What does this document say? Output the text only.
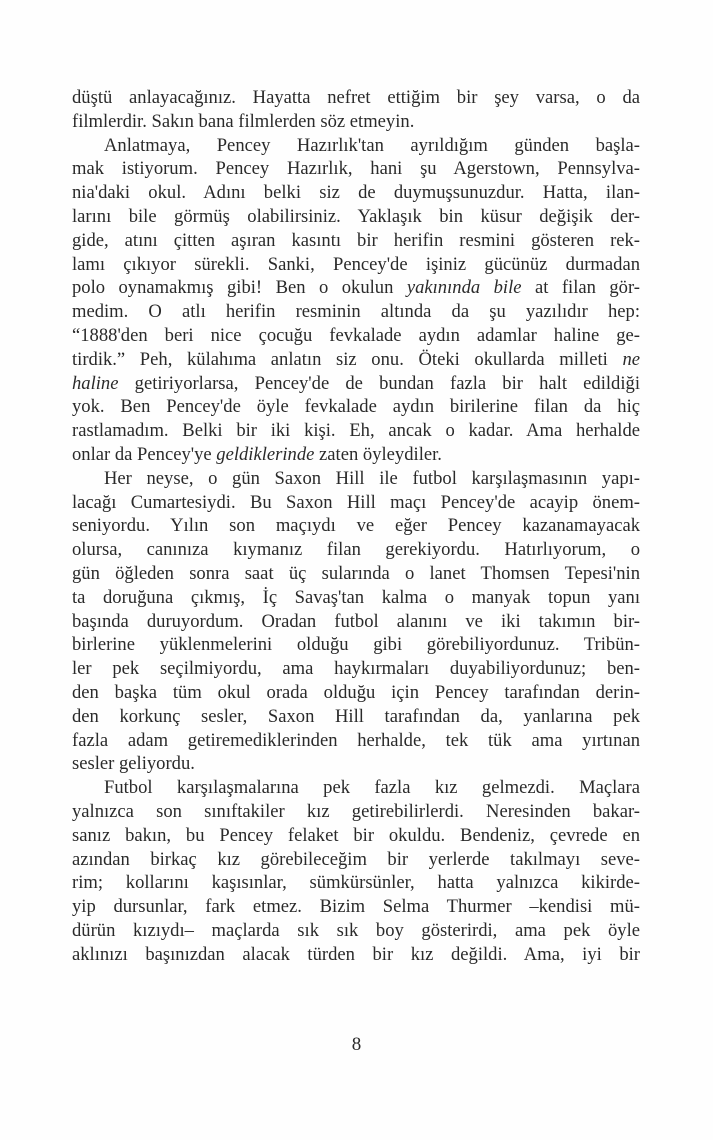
düştü anlayacağınız. Hayatta nefret ettiğim bir şey varsa, o da
filmlerdir. Sakın bana filmlerden söz etmeyin.
Anlatmaya, Pencey Hazırlık'tan ayrıldığım günden başla-
mak istiyorum. Pencey Hazırlık, hani şu Agerstown, Pennsylva-
nia'daki okul. Adını belki siz de duymuşsunuzdur. Hatta, ilan-
larını bile görmüş olabilirsiniz. Yaklaşık bin küsur değişik der-
gide, atını çitten aşıran kasıntı bir herifin resmini gösteren rek-
lamı çıkıyor sürekli. Sanki, Pencey'de işiniz gücünüz durmadan
polo oynamakmış gibi! Ben o okulun yakınında bile at filan gör-
medim. O atlı herifin resminin altında da şu yazılıdır hep:
“1888'den beri nice çocuğu fevkalade aydın adamlar haline ge-
tirdik.” Peh, külahıma anlatın siz onu. Öteki okullarda milleti ne
haline getiriyorlarsa, Pencey'de de bundan fazla bir halt edildiği
yok. Ben Pencey'de öyle fevkalade aydın birilerine filan da hiç
rastlamadım. Belki bir iki kişi. Eh, ancak o kadar. Ama herhalde
onlar da Pencey'ye geldiklerinde zaten öyleydiler.
Her neyse, o gün Saxon Hill ile futbol karşılaşmasının yapı-
lacağı Cumartesiydi. Bu Saxon Hill maçı Pencey'de acayip önem-
seniyordu. Yılın son maçıydı ve eğer Pencey kazanamayacak
olursa, canınıza kıymanız filan gerekiyordu. Hatırlıyorum, o
gün öğleden sonra saat üç sularında o lanet Thomsen Tepesi'nin
ta doruğuna çıkmış, İç Savaş'tan kalma o manyak topun yanı
başında duruyordum. Oradan futbol alanını ve iki takımın bir-
birlerine yüklenmelerini olduğu gibi görebiliyordunuz. Tribün-
ler pek seçilmiyordu, ama haykırmaları duyabiliyordunuz; ben-
den başka tüm okul orada olduğu için Pencey tarafından derin-
den korkunç sesler, Saxon Hill tarafından da, yanlarına pek
fazla adam getiremediklerinden herhalde, tek tük ama yırtınan
sesler geliyordu.
Futbol karşılaşmalarına pek fazla kız gelmezdi. Maçlara
yalnızca son sınıftakiler kız getirebilirlerdi. Neresinden bakar-
sanız bakın, bu Pencey felaket bir okuldu. Bendeniz, çevrede en
azından birkaç kız görebileceğim bir yerlerde takılmayı seve-
rim; kollarını kaşısınlar, sümkürsünler, hatta yalnızca kikirde-
yip dursunlar, fark etmez. Bizim Selma Thurmer –kendisi mü-
dürün kızıydı– maçlarda sık sık boy gösterirdi, ama pek öyle
aklınızı başınızdan alacak türden bir kız değildi. Ama, iyi bir
8
